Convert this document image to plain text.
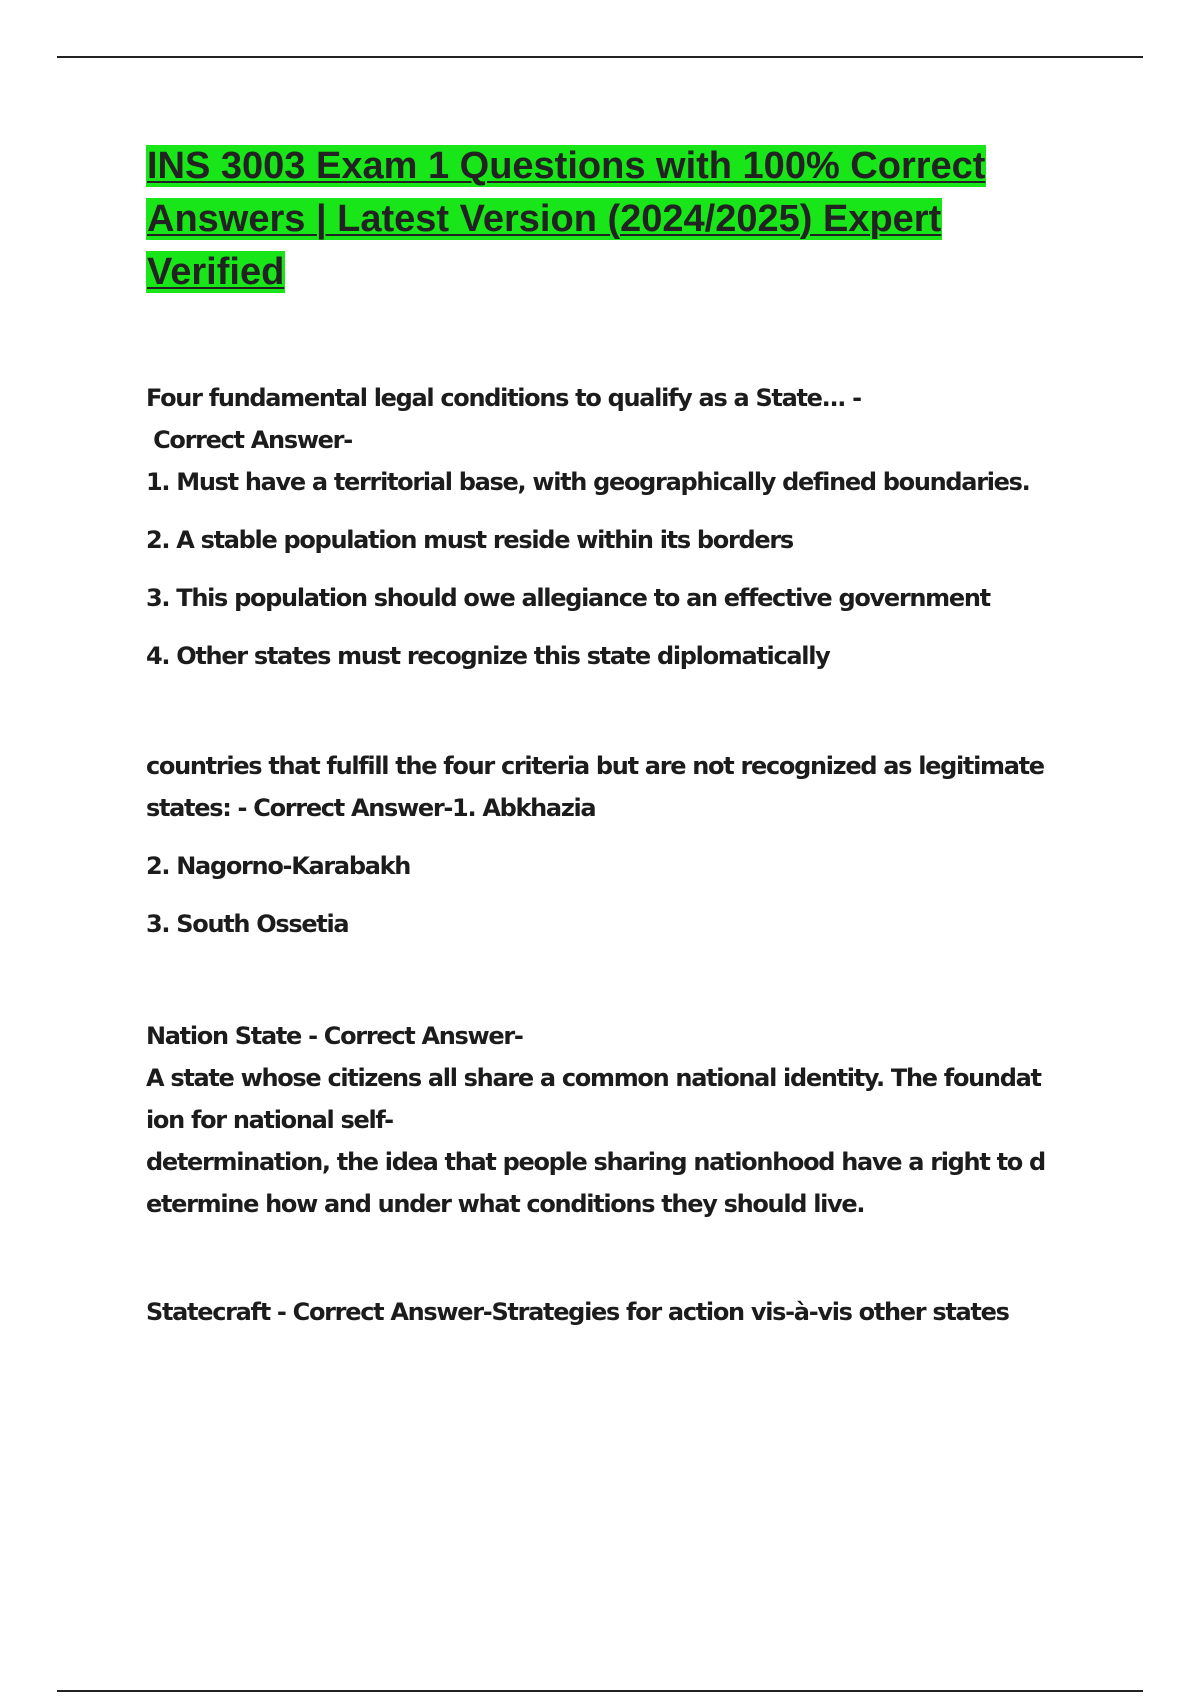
INS 3003 Exam 1 Questions with 100% Correct
Answers | Latest Version (2024/2025) Expert
Verified

Four fundamental legal conditions to qualify as a State... -

Correct Answer-

1. Must have a territorial base, with geographically defined boundaries.

2. A stable population must reside within its borders

3. This population should owe allegiance to an effective government

4. Other states must recognize this state diplomatically

countries that fulfill the four criteria but are not recognized as legitimate

states: - Correct Answer-1. Abkhazia

2. Nagorno-Karabakh

3. South Ossetia

Nation State - Correct Answer-

A state whose citizens all share a common national identity. The foundat

ion for national self-

determination, the idea that people sharing nationhood have a right to d

etermine how and under what conditions they should live.

Statecraft - Correct Answer-Strategies for action vis-à-vis other states
